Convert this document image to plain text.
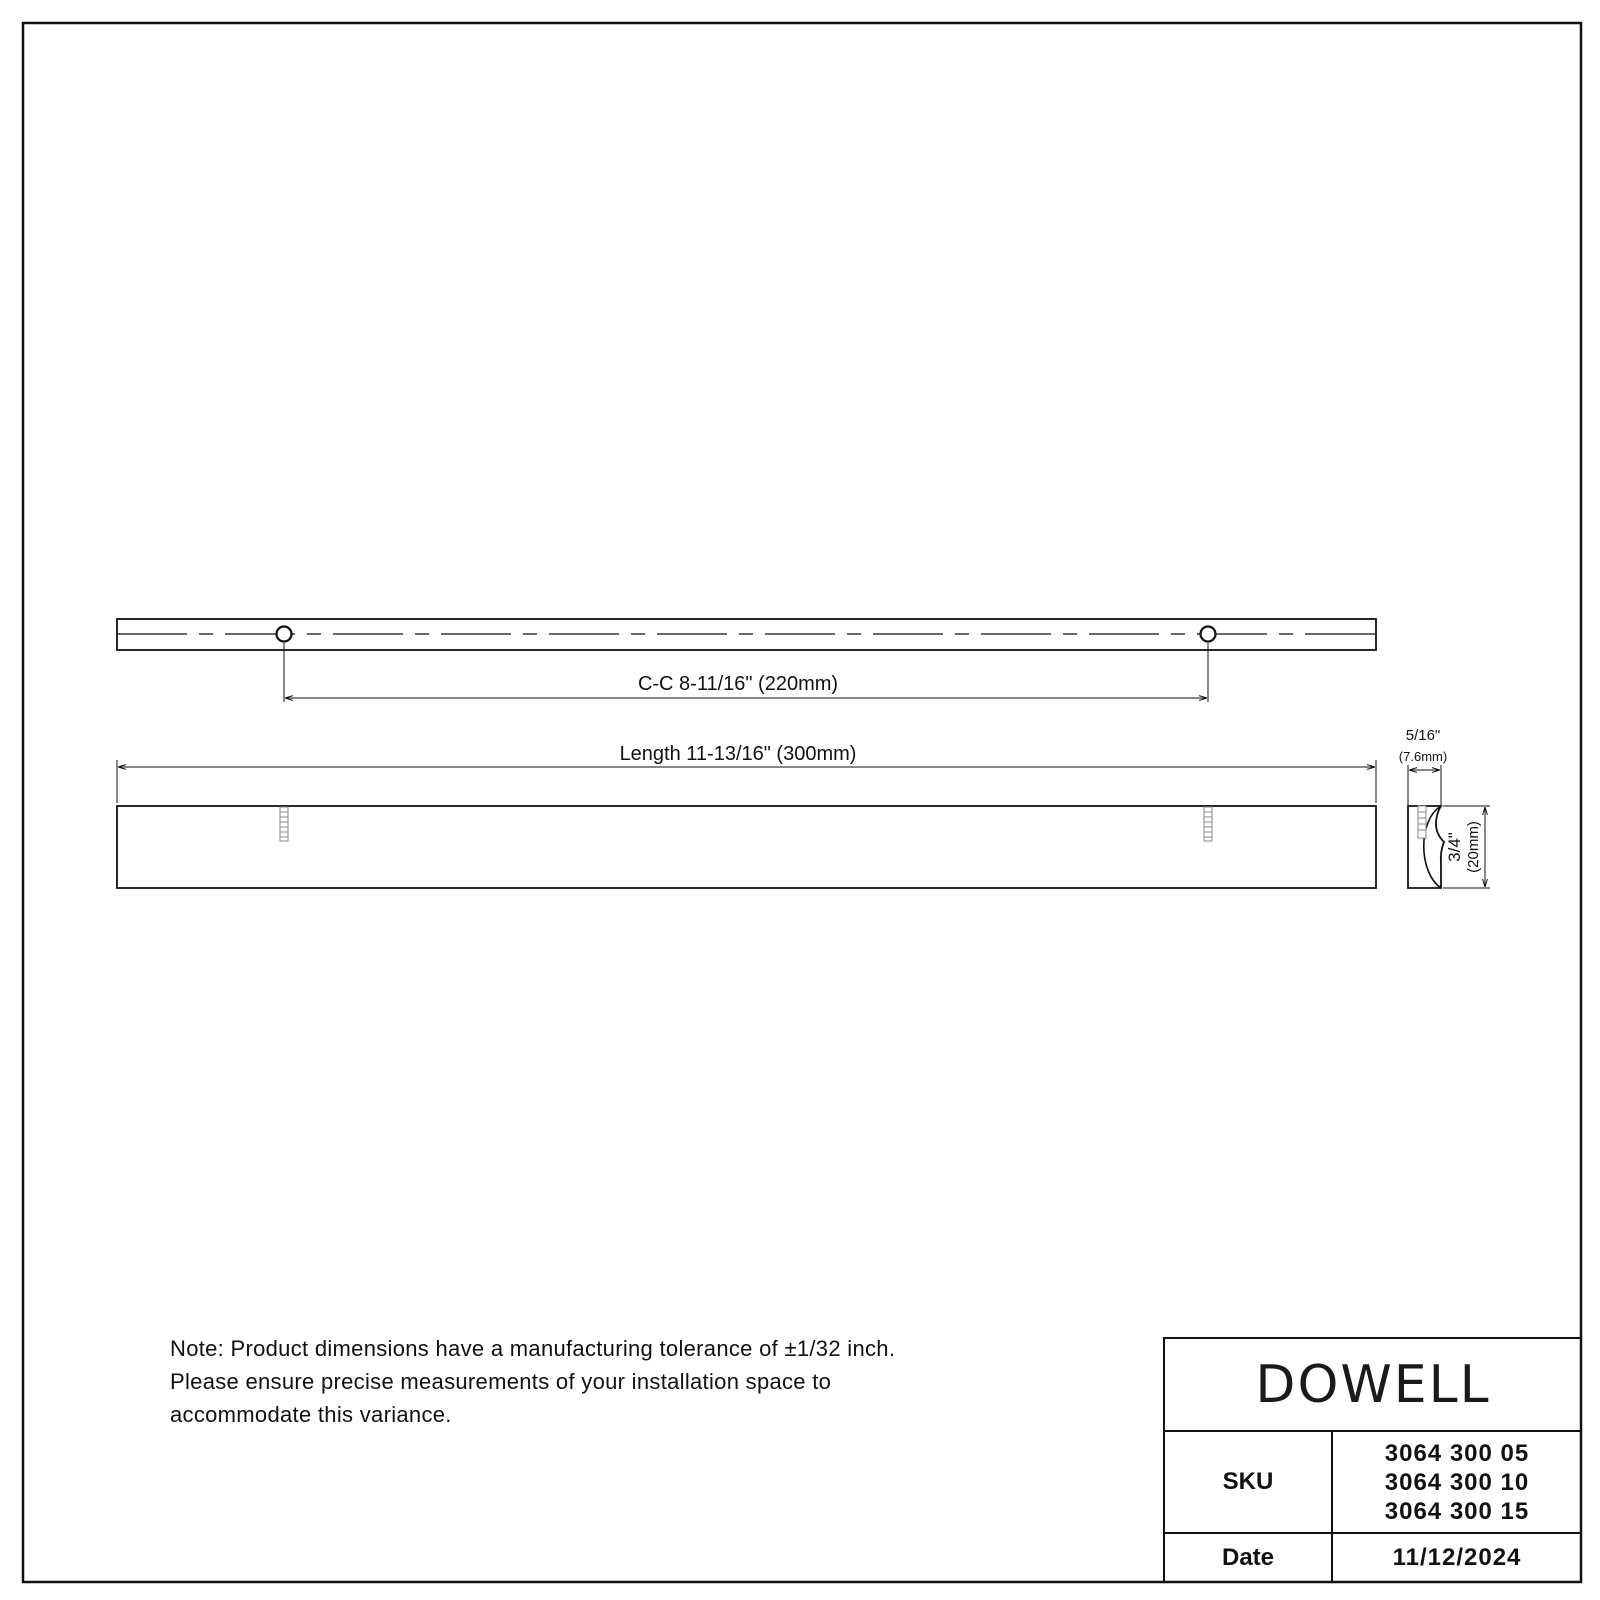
C-C 8-11/16" (220mm)
Length 11-13/16" (300mm)
5/16"
(7.6mm)
3/4" (20mm)
Note: Product dimensions have a manufacturing tolerance of ±1/32 inch.
Please ensure precise measurements of your installation space to
accommodate this variance.	DOWELL
SKU
3064 300 05
3064 300 10
3064 300 15
Date	11/12/2024
